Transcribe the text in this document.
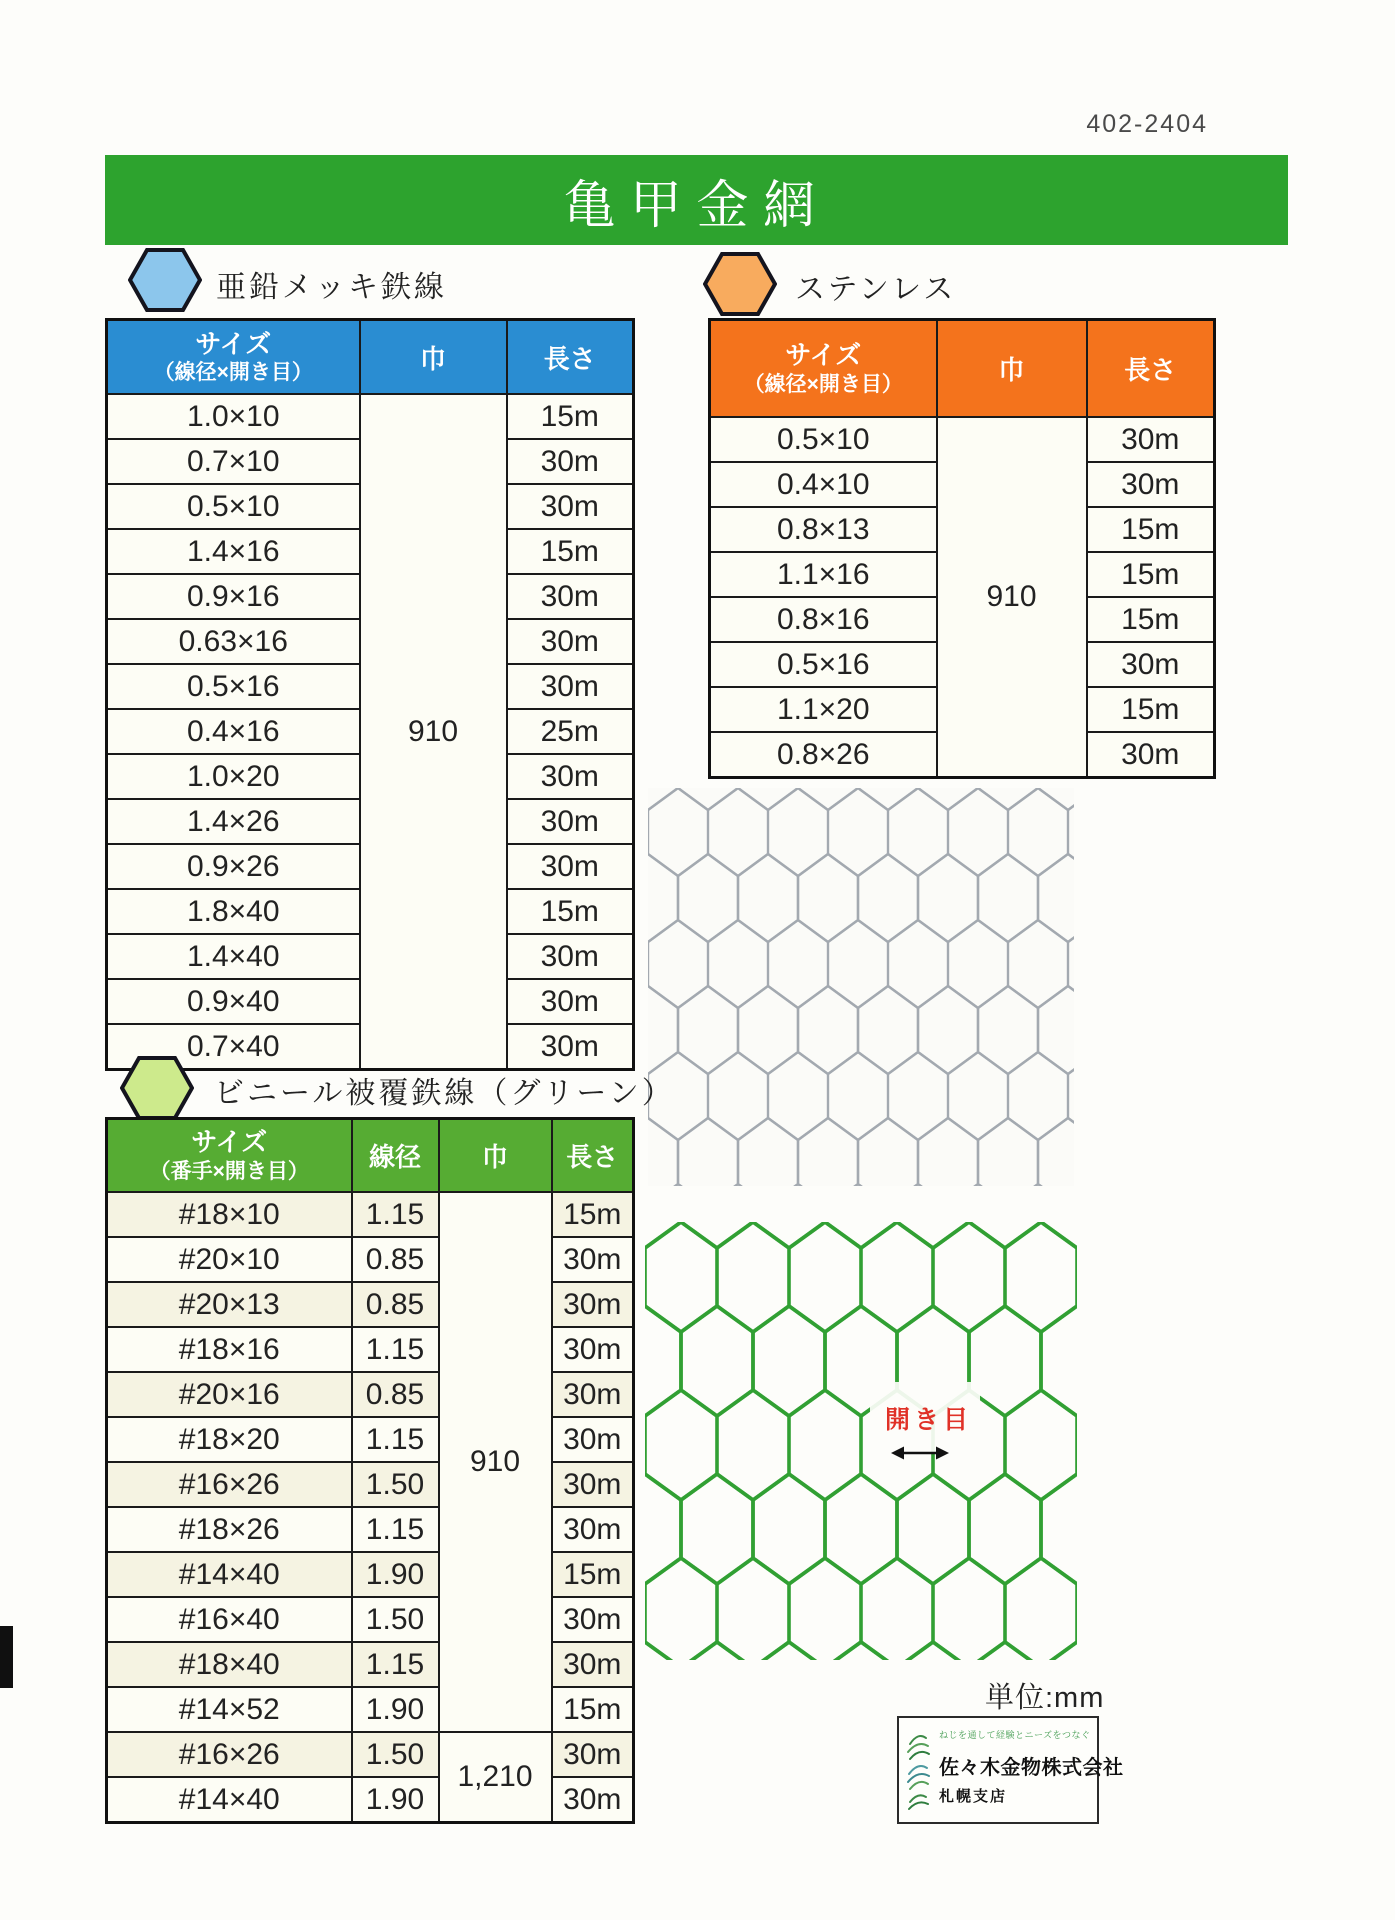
402-2404
亀甲金網
亜鉛メッキ鉄線
サイズ
（線径×開き目）	巾	長さ
1.0×10	910	15m
0.7×10		30m
0.5×10		30m
1.4×16		15m
0.9×16		30m
0.63×16		30m
0.5×16		30m
0.4×16		25m
1.0×20		30m
1.4×26		30m
0.9×26		30m
1.8×40		15m
1.4×40		30m
0.9×40		30m
0.7×40		30m
ステンレス
サイズ
（線径×開き目）	巾	長さ
0.5×10	910	30m
0.4×10		30m
0.8×13		15m
1.1×16		15m
0.8×16		15m
0.5×16		30m
1.1×20		15m
0.8×26		30m
ビニール被覆鉄線（グリーン）
サイズ
（番手×開き目）	線径	巾	長さ
#18×10	1.15	910	15m
#20×10	0.85		30m
#20×13	0.85		30m
#18×16	1.15		30m
#20×16	0.85		30m
#18×20	1.15		30m
#16×26	1.50		30m
#18×26	1.15		30m
#14×40	1.90		15m
#16×40	1.50		30m
#18×40	1.15		30m
#14×52	1.90		15m
#16×26	1.50	1,210	30m
#14×40	1.90		30m
開き目
単位:mm
ねじを通して経験とニーズをつなぐ
佐々木金物株式会社
札幌支店
